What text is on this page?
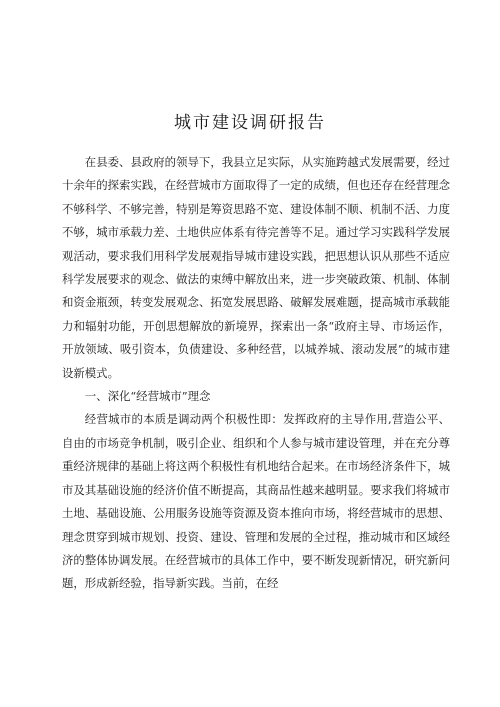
城市建设调研报告

在县委、县政府的领导下，我县立足实际，从实施跨越式发展需要，经过十余年的探索实践，在经营城市方面取得了一定的成绩，但也还存在经营理念不够科学、不够完善，特别是筹资思路不宽、建设体制不顺、机制不活、力度不够，城市承载力差、土地供应体系有待完善等不足。通过学习实践科学发展观活动，要求我们用科学发展观指导城市建设实践，把思想认识从那些不适应科学发展要求的观念、做法的束缚中解放出来，进一步突破政策、机制、体制和资金瓶颈，转变发展观念、拓宽发展思路、破解发展难题，提高城市承载能力和辐射功能，开创思想解放的新境界，探索出一条“政府主导、市场运作，开放领域、吸引资本，负债建设、多种经营，以城养城、滚动发展”的城市建设新模式。

一、深化“经营城市”理念

经营城市的本质是调动两个积极性即：发挥政府的主导作用,营造公平、自由的市场竞争机制，吸引企业、组织和个人参与城市建设管理，并在充分尊重经济规律的基础上将这两个积极性有机地结合起来。在市场经济条件下，城市及其基础设施的经济价值不断提高，其商品性越来越明显。要求我们将城市土地、基础设施、公用服务设施等资源及资本推向市场，将经营城市的思想、理念贯穿到城市规划、投资、建设、管理和发展的全过程，推动城市和区域经济的整体协调发展。在经营城市的具体工作中，要不断发现新情况，研究新问题，形成新经验，指导新实践。当前，在经
